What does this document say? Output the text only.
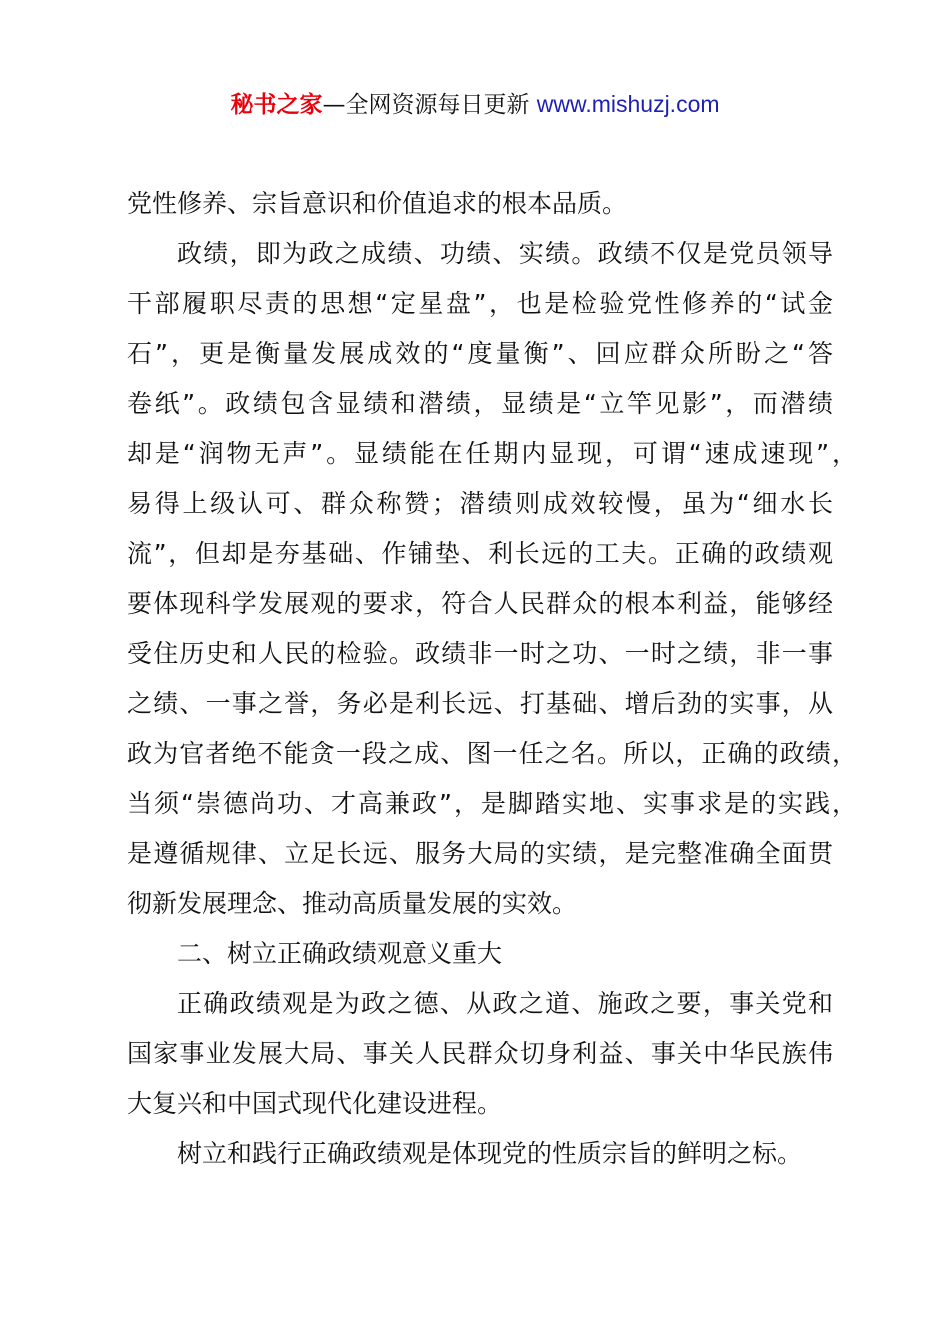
秘书之家—全网资源每日更新 www.mishuzj.com
党性修养、宗旨意识和价值追求的根本品质。
政绩，即为政之成绩、功绩、实绩。政绩不仅是党员领导
干部履职尽责的思想“定星盘”，也是检验党性修养的“试金
石”，更是衡量发展成效的“度量衡”、回应群众所盼之“答
卷纸”。政绩包含显绩和潜绩，显绩是“立竿见影”，而潜绩
却是“润物无声”。显绩能在任期内显现，可谓“速成速现”，
易得上级认可、群众称赞；潜绩则成效较慢，虽为“细水长
流”，但却是夯基础、作铺垫、利长远的工夫。正确的政绩观
要体现科学发展观的要求，符合人民群众的根本利益，能够经
受住历史和人民的检验。政绩非一时之功、一时之绩，非一事
之绩、一事之誉，务必是利长远、打基础、增后劲的实事，从
政为官者绝不能贪一段之成、图一任之名。所以，正确的政绩，
当须“崇德尚功、才高兼政”，是脚踏实地、实事求是的实践，
是遵循规律、立足长远、服务大局的实绩，是完整准确全面贯
彻新发展理念、推动高质量发展的实效。
二、树立正确政绩观意义重大
正确政绩观是为政之德、从政之道、施政之要，事关党和
国家事业发展大局、事关人民群众切身利益、事关中华民族伟
大复兴和中国式现代化建设进程。
树立和践行正确政绩观是体现党的性质宗旨的鲜明之标。
